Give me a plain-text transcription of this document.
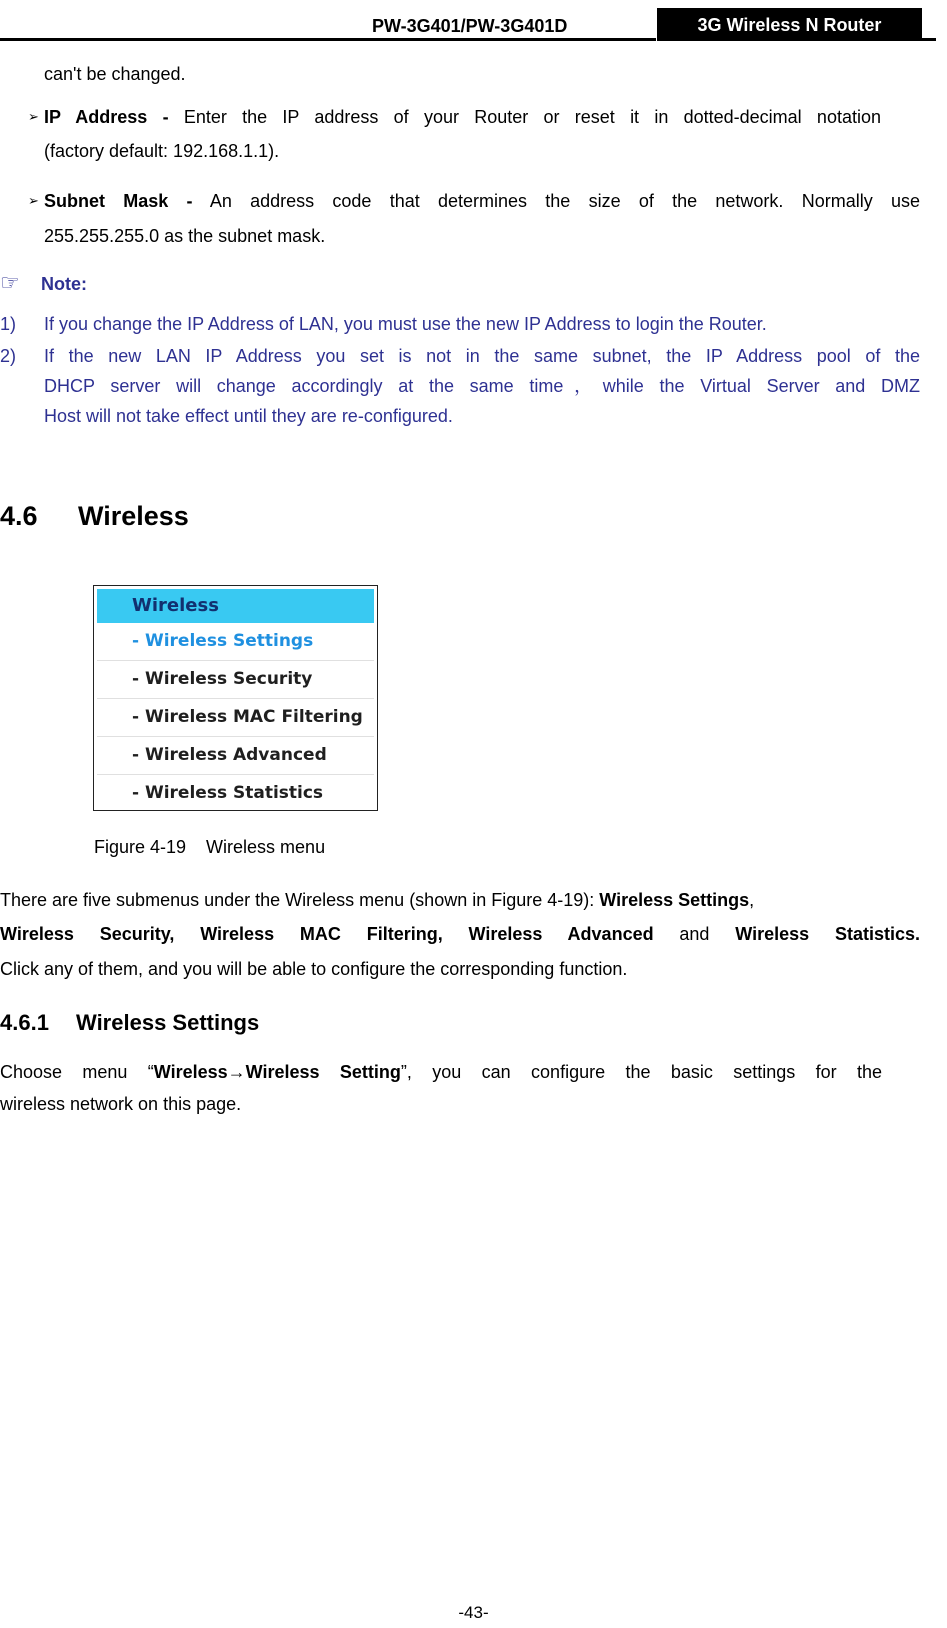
PW-3G401/PW-3G401D	3G Wireless N Router
can't be changed.
➢ IP Address - Enter the IP address of your Router or reset it in dotted-decimal notation
(factory default: 192.168.1.1).
➢ Subnet Mask - An address code that determines the size of the network. Normally use
255.255.255.0 as the subnet mask.
☞ Note:
1) If you change the IP Address of LAN, you must use the new IP Address to login the Router.
2) If the new LAN IP Address you set is not in the same subnet, the IP Address pool of the
DHCP server will change accordingly at the same time，while the Virtual Server and DMZ
Host will not take effect until they are re-configured.
4.6 Wireless
Wireless
- Wireless Settings
- Wireless Security
- Wireless MAC Filtering
- Wireless Advanced
- Wireless Statistics
Figure 4-19    Wireless menu
There are five submenus under the Wireless menu (shown in Figure 4-19): Wireless Settings,
Wireless Security, Wireless MAC Filtering, Wireless Advanced and Wireless Statistics.
Click any of them, and you will be able to configure the corresponding function.
4.6.1 Wireless Settings
Choose menu “Wireless→Wireless Setting”, you can configure the basic settings for the
wireless network on this page.
-43-
